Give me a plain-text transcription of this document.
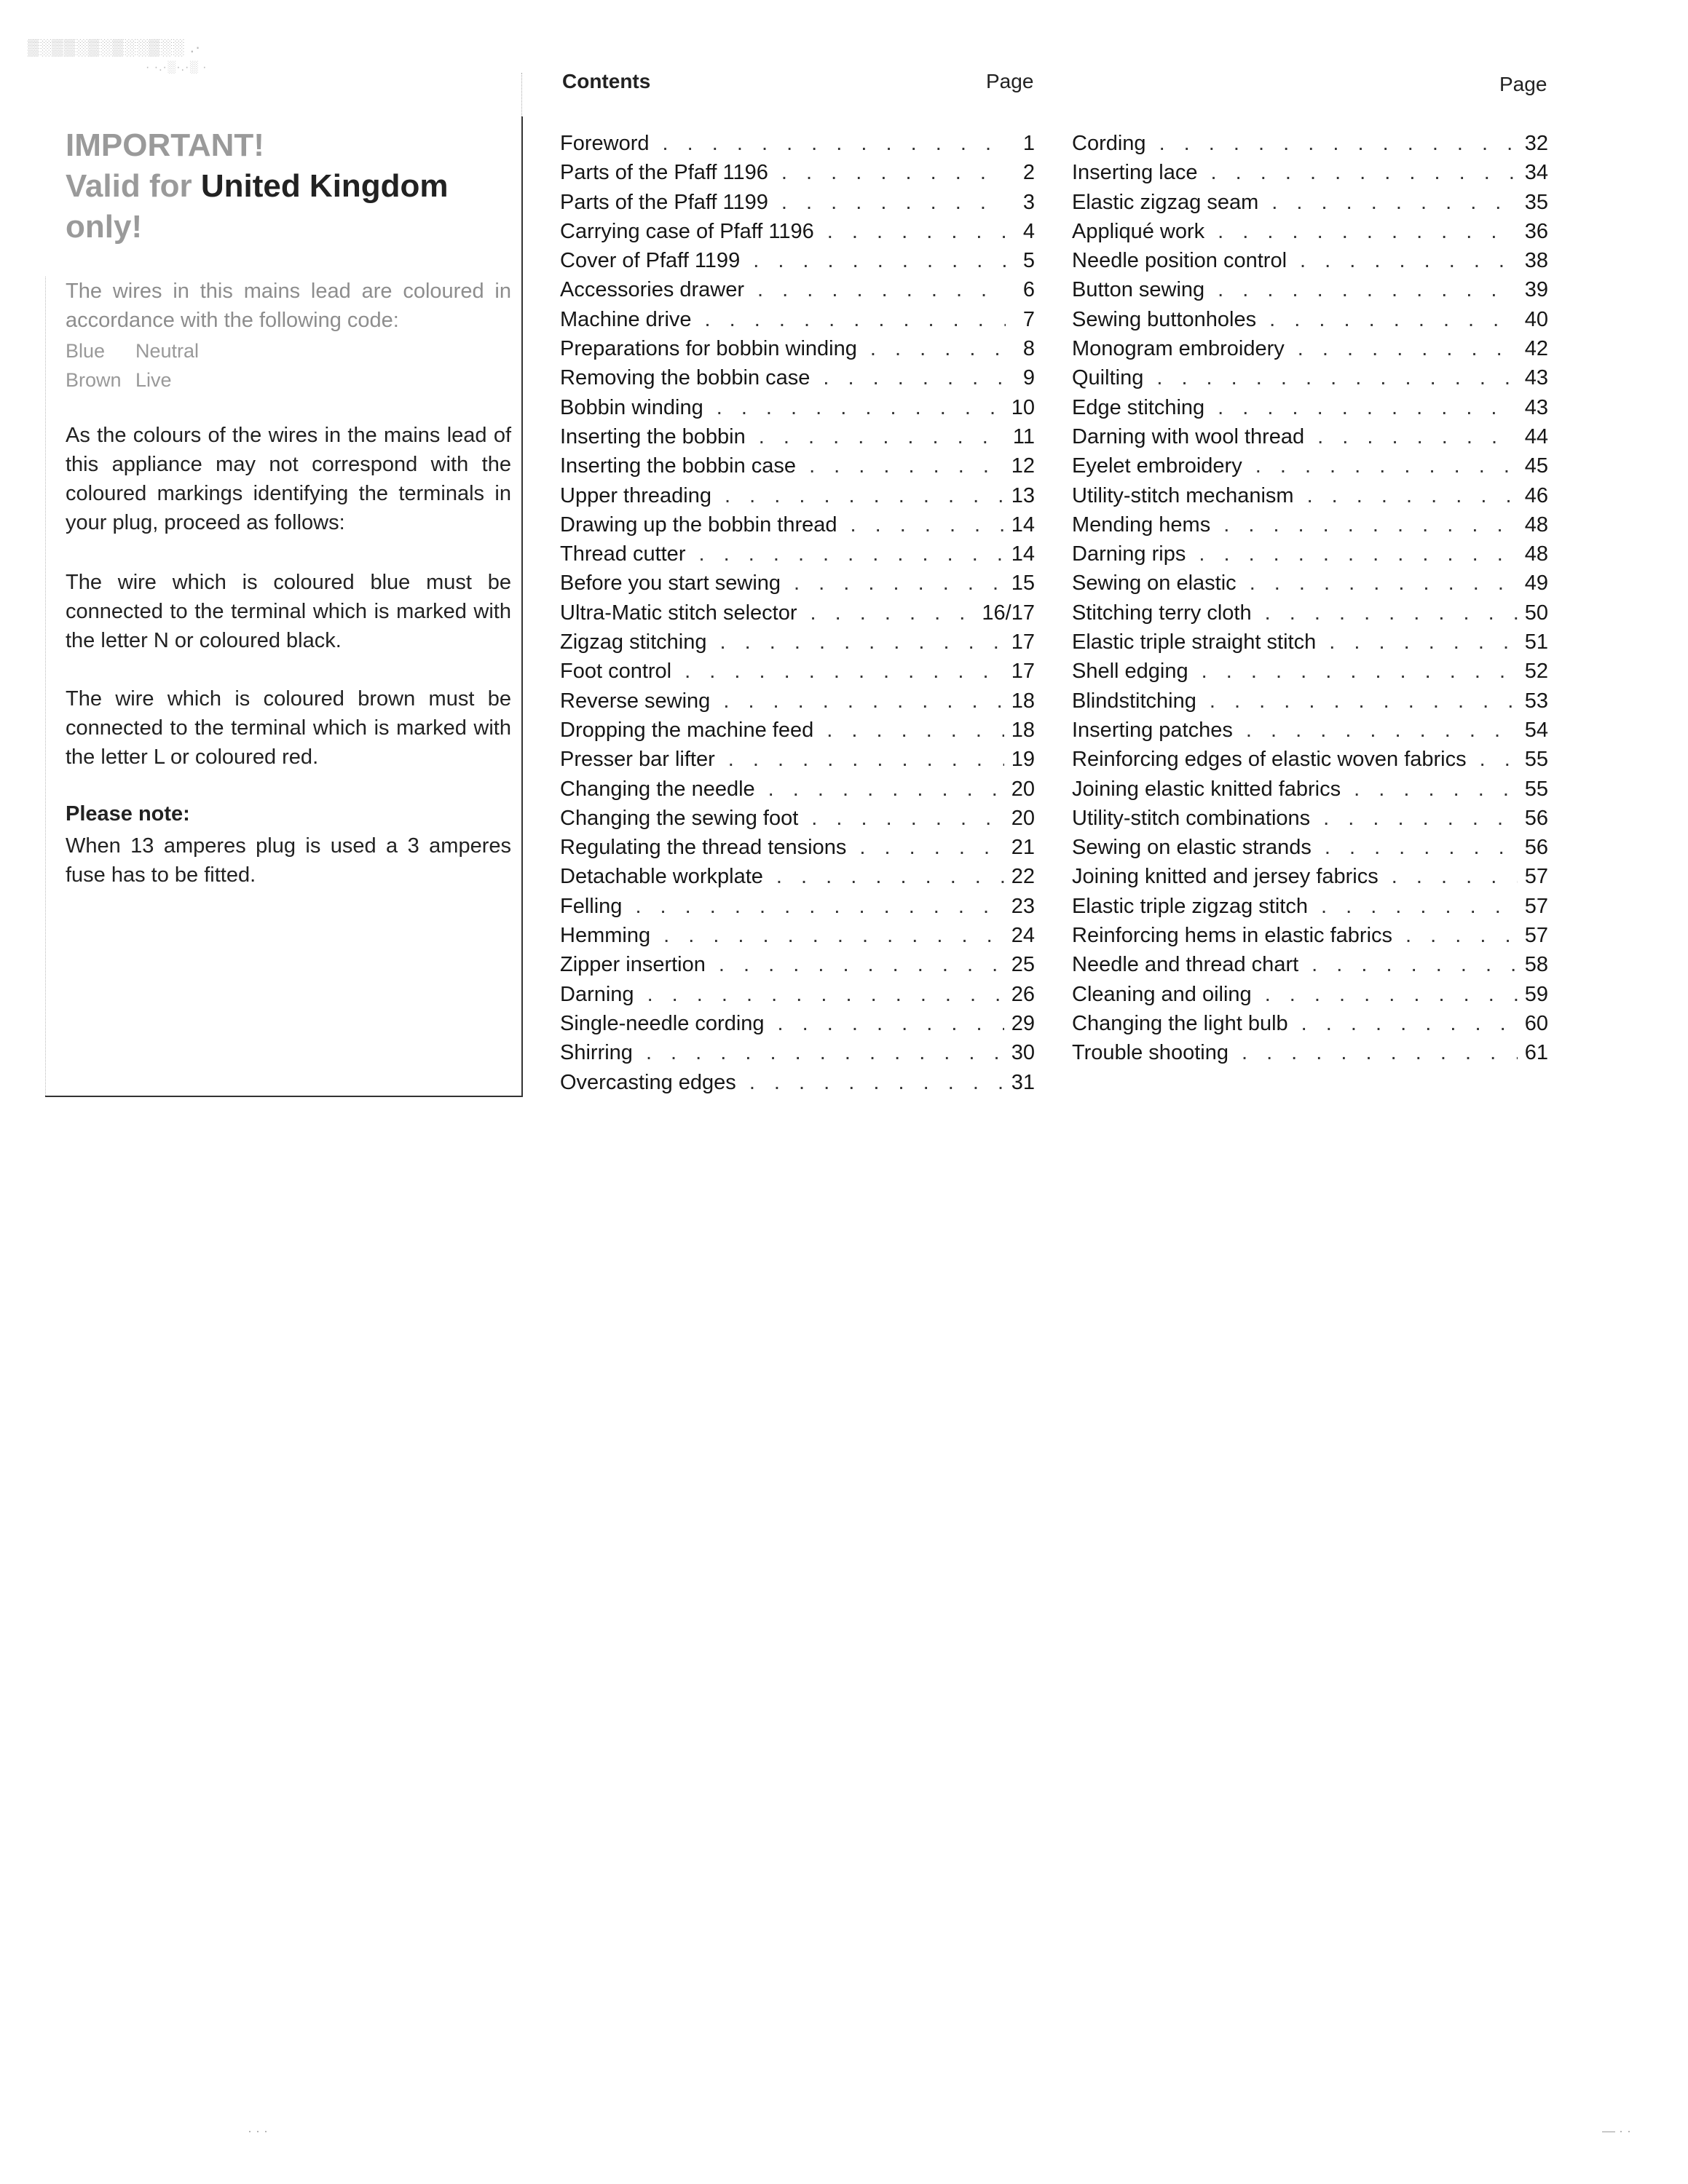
▒░▒▒░▒░▒░░▒░░ .·
· ·.·░·.·░ ·
IMPORTANT!
Valid for United Kingdom
only!
The wires in this mains lead are coloured in accordance with the following code:
Blue Neutral
Brown Live
As the colours of the wires in the mains lead of this appliance may not correspond with the coloured markings identifying the terminals in your plug, proceed as follows:
The wire which is coloured blue must be connected to the terminal which is marked with the letter N or coloured black.
The wire which is coloured brown must be connected to the terminal which is marked with the letter L or coloured red.
Please note:
When 13 amperes plug is used a 3 amperes fuse has to be fitted.
Contents	Page	Page
Foreword . . .	1
Parts of the Pfaff 1196 . . .	2
Parts of the Pfaff 1199 . . .	3
Carrying case of Pfaff 1196 . . .	4
Cover of Pfaff 1199 . . .	5
Accessories drawer . . .	6
Machine drive . . .	7
Preparations for bobbin winding . . .	8
Removing the bobbin case . . .	9
Bobbin winding . . .	10
Inserting the bobbin . . .	11
Inserting the bobbin case . . .	12
Upper threading . . .	13
Drawing up the bobbin thread . . .	14
Thread cutter . . .	14
Before you start sewing . . .	15
Ultra-Matic stitch selector . . .	16/17
Zigzag stitching . . .	17
Foot control . . .	17
Reverse sewing . . .	18
Dropping the machine feed . . .	18
Presser bar lifter . . .	19
Changing the needle . . .	20
Changing the sewing foot . . .	20
Regulating the thread tensions . . .	21
Detachable workplate . . .	22
Felling . . .	23
Hemming . . .	24
Zipper insertion . . .	25
Darning . . .	26
Single-needle cording . . .	29
Shirring . . .	30
Overcasting edges . . .	31
Cording . . .	32
Inserting lace . . .	34
Elastic zigzag seam . . .	35
Appliqué work . . .	36
Needle position control . . .	38
Button sewing . . .	39
Sewing buttonholes . . .	40
Monogram embroidery . . .	42
Quilting . . .	43
Edge stitching . . .	43
Darning with wool thread . . .	44
Eyelet embroidery . . .	45
Utility-stitch mechanism . . .	46
Mending hems . . .	48
Darning rips . . .	48
Sewing on elastic . . .	49
Stitching terry cloth . . .	50
Elastic triple straight stitch . . .	51
Shell edging . . .	52
Blindstitching . . .	53
Inserting patches . . .	54
Reinforcing edges of elastic woven fabrics . . .	55
Joining elastic knitted fabrics . . .	55
Utility-stitch combinations . . .	56
Sewing on elastic strands . . .	56
Joining knitted and jersey fabrics . . .	57
Elastic triple zigzag stitch . . .	57
Reinforcing hems in elastic fabrics . . .	57
Needle and thread chart . . .	58
Cleaning and oiling . . .	59
Changing the light bulb . . .	60
Trouble shooting . . .	61
· · ·	— · ·
